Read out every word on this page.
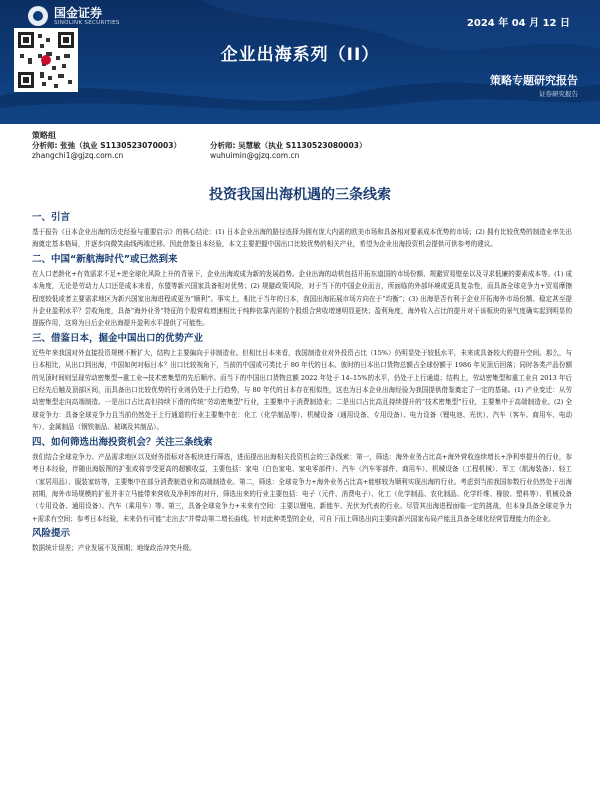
国金证券
SINOLINK SECURITIES	2024 年 04 月 12 日
企业出海系列（II）
策略专题研究报告
证券研究报告
策略组
分析师: 张弛（执业 S1130523070003）
zhangchi1@gjzq.com.cn
分析师: 吴慧敏（执业 S1130523080003）
wuhuimin@gjzq.com.cn
投资我国出海机遇的三条线索
一、引言

基于报告《日本企业出海的历史经验与重要启示》的核心结论：(1) 日本企业出海的路径选择为拥有庞大内需的欧美市场和具备相对要素成本优势的市场；(2) 拥有比较优势的制造业率先出海奠定基本格局，并逐步向微笑曲线两端迁移。因此借鉴日本经验，本文主要把握中国出口比较优势的相关产业，希望为企业出海投资机会提供可供参考的建议。

二、中国“新航海时代”或已然到来

在人口老龄化+有效需求不足+逆全球化风险上升的背景下，企业出海或成为新的发展趋势。企业出海的动机包括开拓东道国的市场份额、规避贸易壁垒以及寻求低廉的要素成本等。(1) 成本角度，无论是劳动力人口还是成本来看，东盟等新兴国家具备相对优势；(2) 规避政策风险，对于当下的中国企业而言，所面临的外部环境或更具复杂性，而具备全球竞争力+贸易摩擦程度较低或者主要需求地区为新兴国家出海进程或更为“顺利”。事实上，相比于当年的日本，我国出海拓展市场方向在于“均衡”；(3) 出海是否有利于企业开拓海外市场份额、稳定甚至提升企业盈利水平？尝收角度，具备“海外业务”特征的个股营收增速相比于纯粹依靠内需的个股组合营收增速明显更快；盈利角度，海外收入占比的提升对于该板块的景气度确实起到明显的提振作用，这将为日后企业出海提升盈利水平提供了可能性。

三、借鉴日本，掘金中国出口的优势产业

近些年来我国对外直接投资规模不断扩大，结构上主要偏向于非制造业。但相比日本来看，我国制造业对外投资占比（15%）仍明显处于较低水平，未来或具备较大的提升空间。那么，与日本相比，从出口到出海，中国如何对标日本？出口比较视角下，当前的中国或可类比于 80 年代的日本。彼时的日本出口货物总额占全球份额于 1986 年见顶后回落；同时各类产品份额的见顶时间则呈现劳动密集型→重工业→技术密集型的先后顺序。而当下的中国出口货物总额 2022 年处于 14–15%的水平，仍处于上行通道；结构上，劳动密集型和重工业自 2013 年后已经先后触及顶部区间，而具备出口比较优势的行业则仍处于上行趋势，与 80 年代的日本存在相似性，这也为日本企业出海经验为我国提供借鉴奠定了一定的基础。(1) 产业变迁：从劳动密集型走向高端制造。一是出口占比高但持续下滑的传统“劳动密集型”行业，主要集中于消费制造业；二是出口占比高且持续提升的“技术密集型”行业，主要集中于高端制造业。(2) 全球竞争力：具备全球竞争力且当前仍然处于上行通道的行业主要集中在：化工（化学制品等）、机械设备（通用设备、专用设备）、电力设备（锂电池、光伏）、汽车（客车、商用车、电动车）、金属制品（钢铁制品、玻璃及其制品）。

四、如何筛选出海投资机会？关注三条线索

我们结合全球竞争力、产品需求地区以及财务指标对各板块进行筛选，进而提出出海相关投资机会的三条线索：第一，筛选：海外业务占比高+海外营收连续增长+净利率提升的行业，参考日本经验，伴随出海版图的扩张或将享受更高的超额收益，主要包括：家电（白色家电、家电零部件）、汽车（汽车零部件、商用车）、机械设备（工程机械）、军工（航海装备）、轻工（家居用品）、服装家纺等，主要集中在部分消费制造业和高端制造业。第二，筛选：全球竞争力+海外业务占比高+能够较为顺利实现出海的行业。考虑到当前我国参数行业仍然处于出海初期，海外市场规模的扩张并非立马能带来营收及净利率的对升，筛选出来的行业主要包括：电子（元件、消费电子）、化工（化学制品、农化制品、化学纤维、橡胶、塑料等）、机械设备（专用设备、通用设备）、汽车（乘用车）等。第三，具备全球竞争力+未来有空间：主要以锂电、新能车、光伏为代表的行业。尽管其出海进程面临一定的挑战，但本身具备全球竞争力+需求有空间；参考日本经验，未来仍有可能“走出去”并带动第二增长曲线。针对此种类型的企业，可自下而上筛选出向主要向新兴国家布局产能且具备全球化经营管理能力的企业。

风险提示

数据统计误差；产业发展不及预期；地缘政治冲突升级。
